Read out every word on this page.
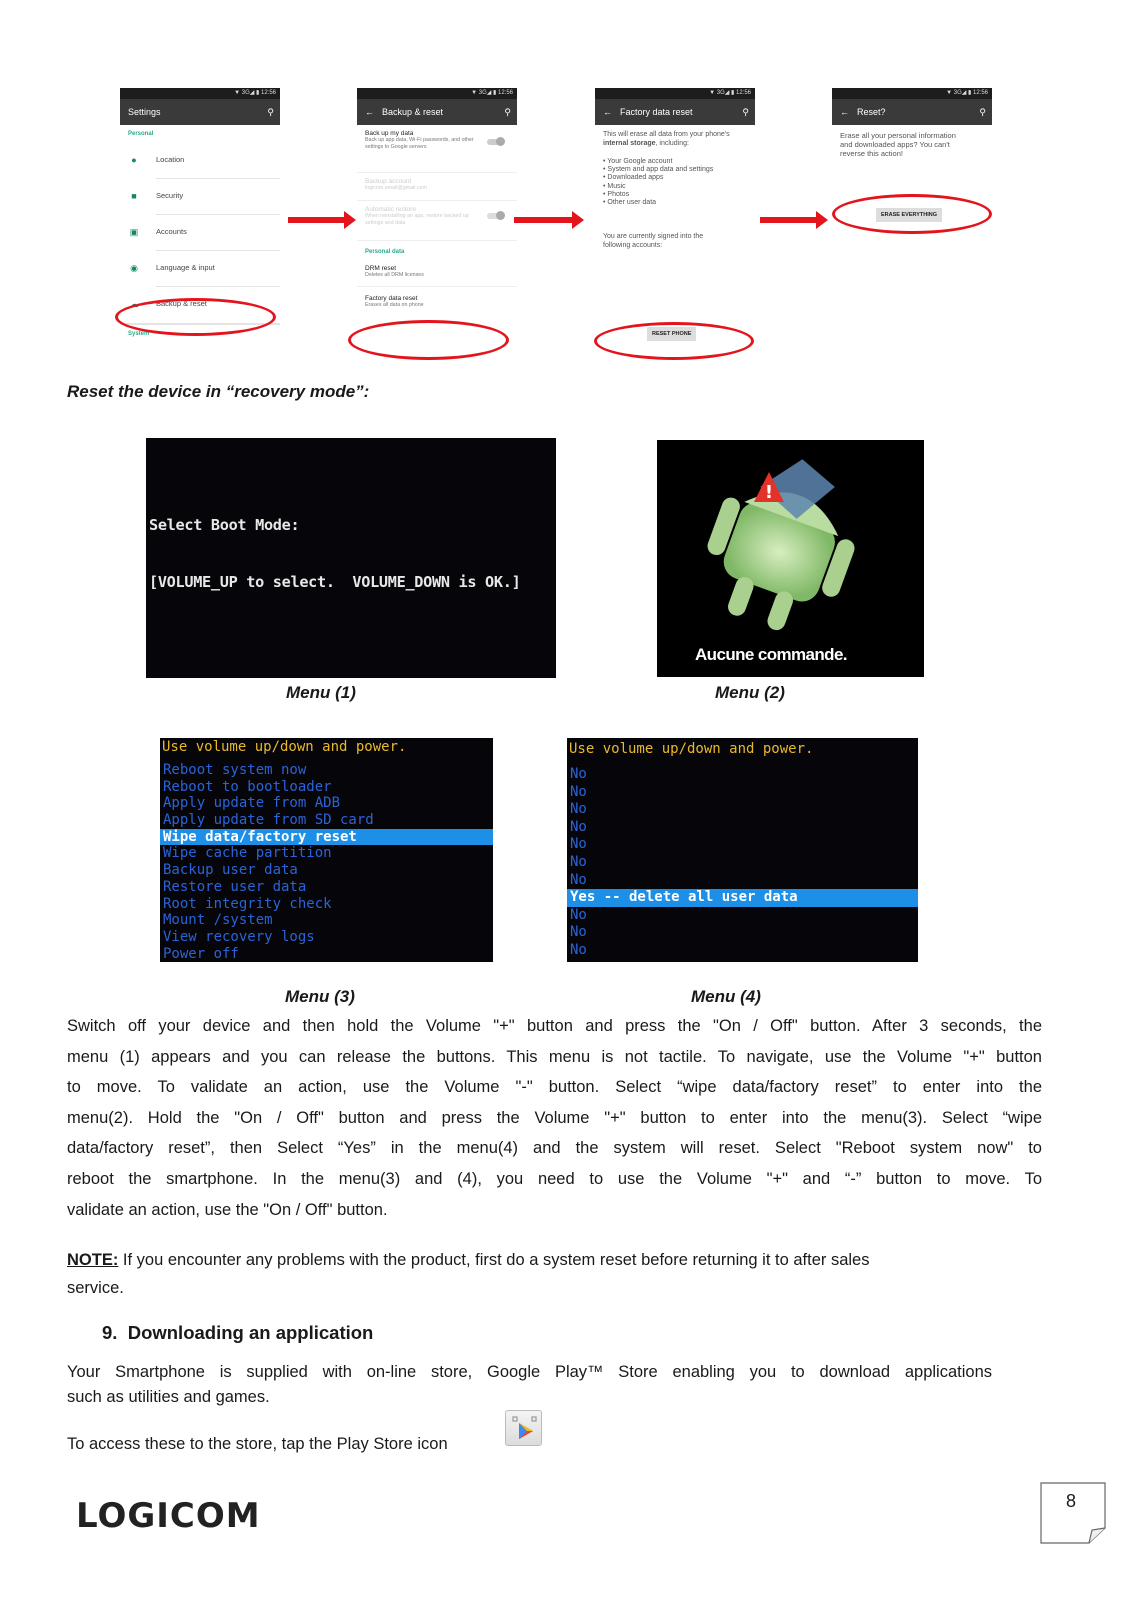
▼ 3G◢ ▮ 12:56
Settings	⚲
Personal
●	Location
■	Security
▣ Accounts
◉ Language & input
☁ Backup & reset
System
▼ 3G◢ ▮ 12:56
← Backup & reset	⚲
Back up my data
Back up app data, Wi-Fi passwords, and other settings to Google servers
Backup account
logicom.email@gmail.com
Automatic restore
When reinstalling an app, restore backed up settings and data
Personal data
DRM reset
Deletes all DRM licenses
Factory data reset
Erases all data on phone
▼ 3G◢ ▮ 12:56
← Factory data reset	⚲
This will erase all data from your phone's internal storage, including:
• Your Google account
• System and app data and settings
• Downloaded apps
• Music
• Photos
• Other user data
You are currently signed into the following accounts:
RESET PHONE
▼ 3G◢ ▮ 12:56
← Reset?	⚲
Erase all your personal information and downloaded apps? You can't reverse this action!
ERASE EVERYTHING
Reset the device in “recovery mode”:

Select Boot Mode:

[VOLUME_UP to select.  VOLUME_DOWN is OK.]

Menu (1)
!
Aucune commande.
Menu (2)
Use volume up/down and power.
Reboot system now
Reboot to bootloader
Apply update from ADB
Apply update from SD card
Wipe data/factory reset
Wipe cache partition
Backup user data
Restore user data
Root integrity check
Mount /system
View recovery logs
Power off
Menu (3)
Use volume up/down and power.
No
No
No
No
No
No
No
Yes -- delete all user data
No
No
No
Menu (4)
Switch off your device and then hold the Volume "+" button and press the "On / Off" button. After 3 seconds, the
menu (1) appears and you can release the buttons. This menu is not tactile. To navigate, use the Volume "+" button
to move. To validate an action, use the Volume "-" button. Select “wipe data/factory reset” to enter into the
menu(2). Hold the "On / Off" button and press the Volume "+" button to enter into the menu(3). Select “wipe
data/factory reset”, then Select “Yes” in the menu(4) and the system will reset. Select "Reboot system now" to
reboot the smartphone. In the menu(3) and (4), you need to use the Volume "+" and “-” button to move. To
validate an action, use the "On / Off" button.
NOTE: If you encounter any problems with the product, first do a system reset before returning it to after sales
service.
9.  Downloading an application
Your Smartphone is supplied with on-line store, Google Play™ Store enabling you to download applications
such as utilities and games.
To access these to the store, tap the Play Store icon
LOGICOM	8
